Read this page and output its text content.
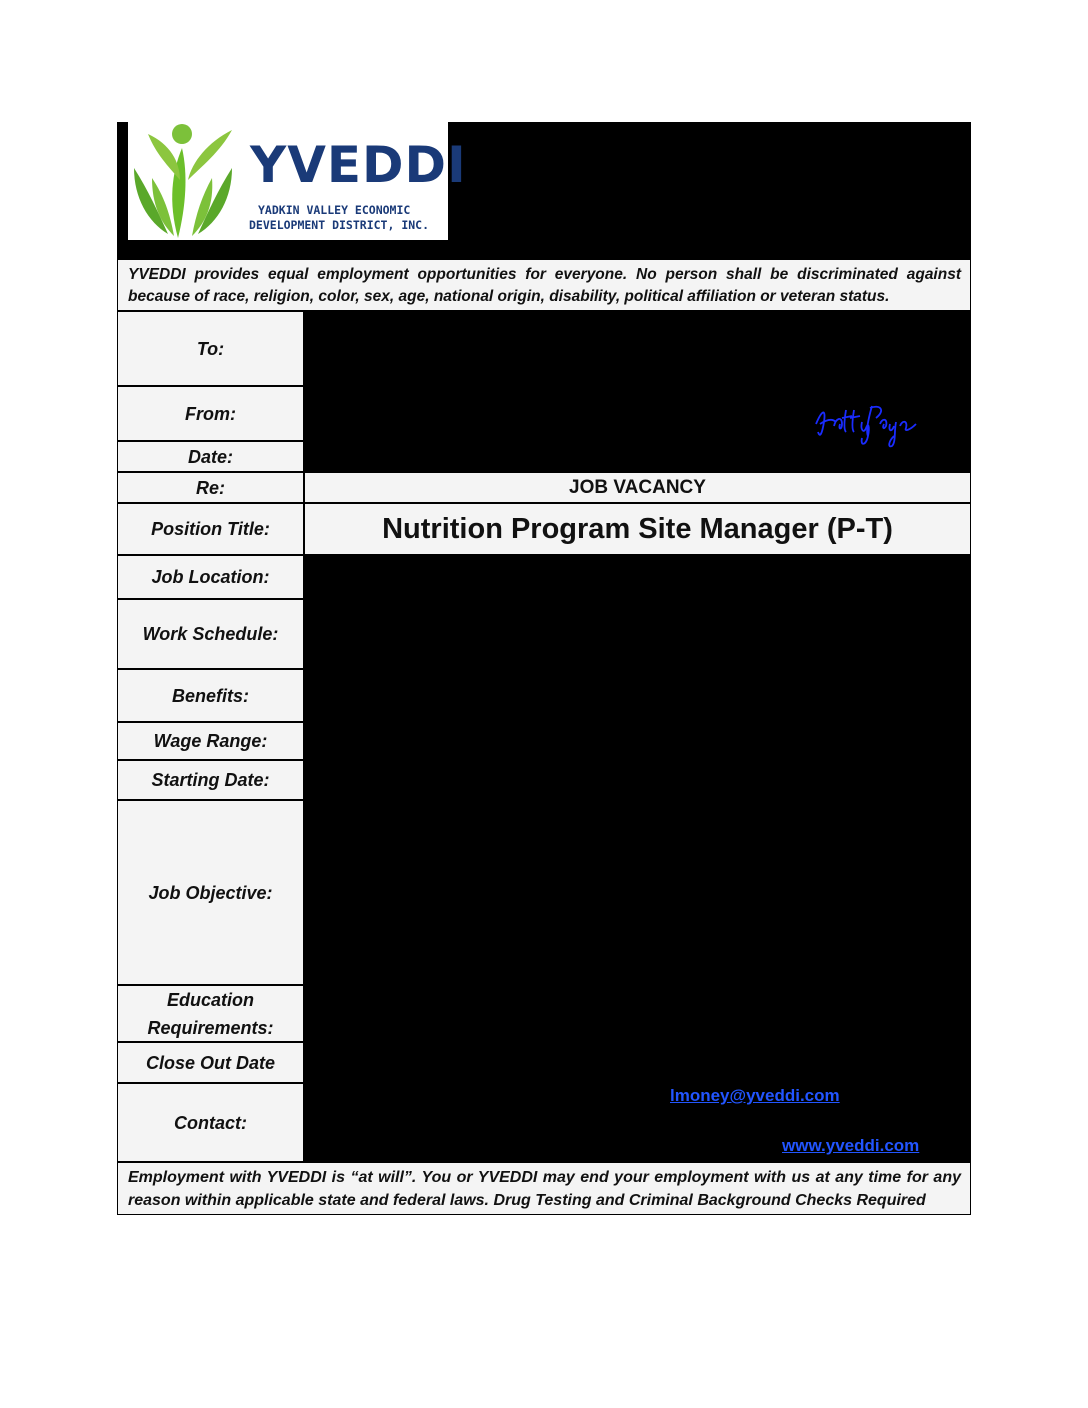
YVEDDI
YADKIN VALLEY ECONOMIC
DEVELOPMENT DISTRICT, INC.
YVEDDI provides equal employment opportunities for everyone. No person shall be discriminated against because of race, religion, color, sex, age, national origin, disability, political affiliation or veteran status.
To:
From:
Date:
Re:	JOB VACANCY
Position Title:	Nutrition Program Site Manager (P-T)
Job Location:
Work Schedule:
Benefits:
Wage Range:
Starting Date:
Job Objective:
Education Requirements:
Close Out Date
Contact:
lmoney@yveddi.com
www.yveddi.com
Employment with YVEDDI is “at will”. You or YVEDDI may end your employment with us at any time for any reason within applicable state and federal laws. Drug Testing and Criminal Background Checks Required
